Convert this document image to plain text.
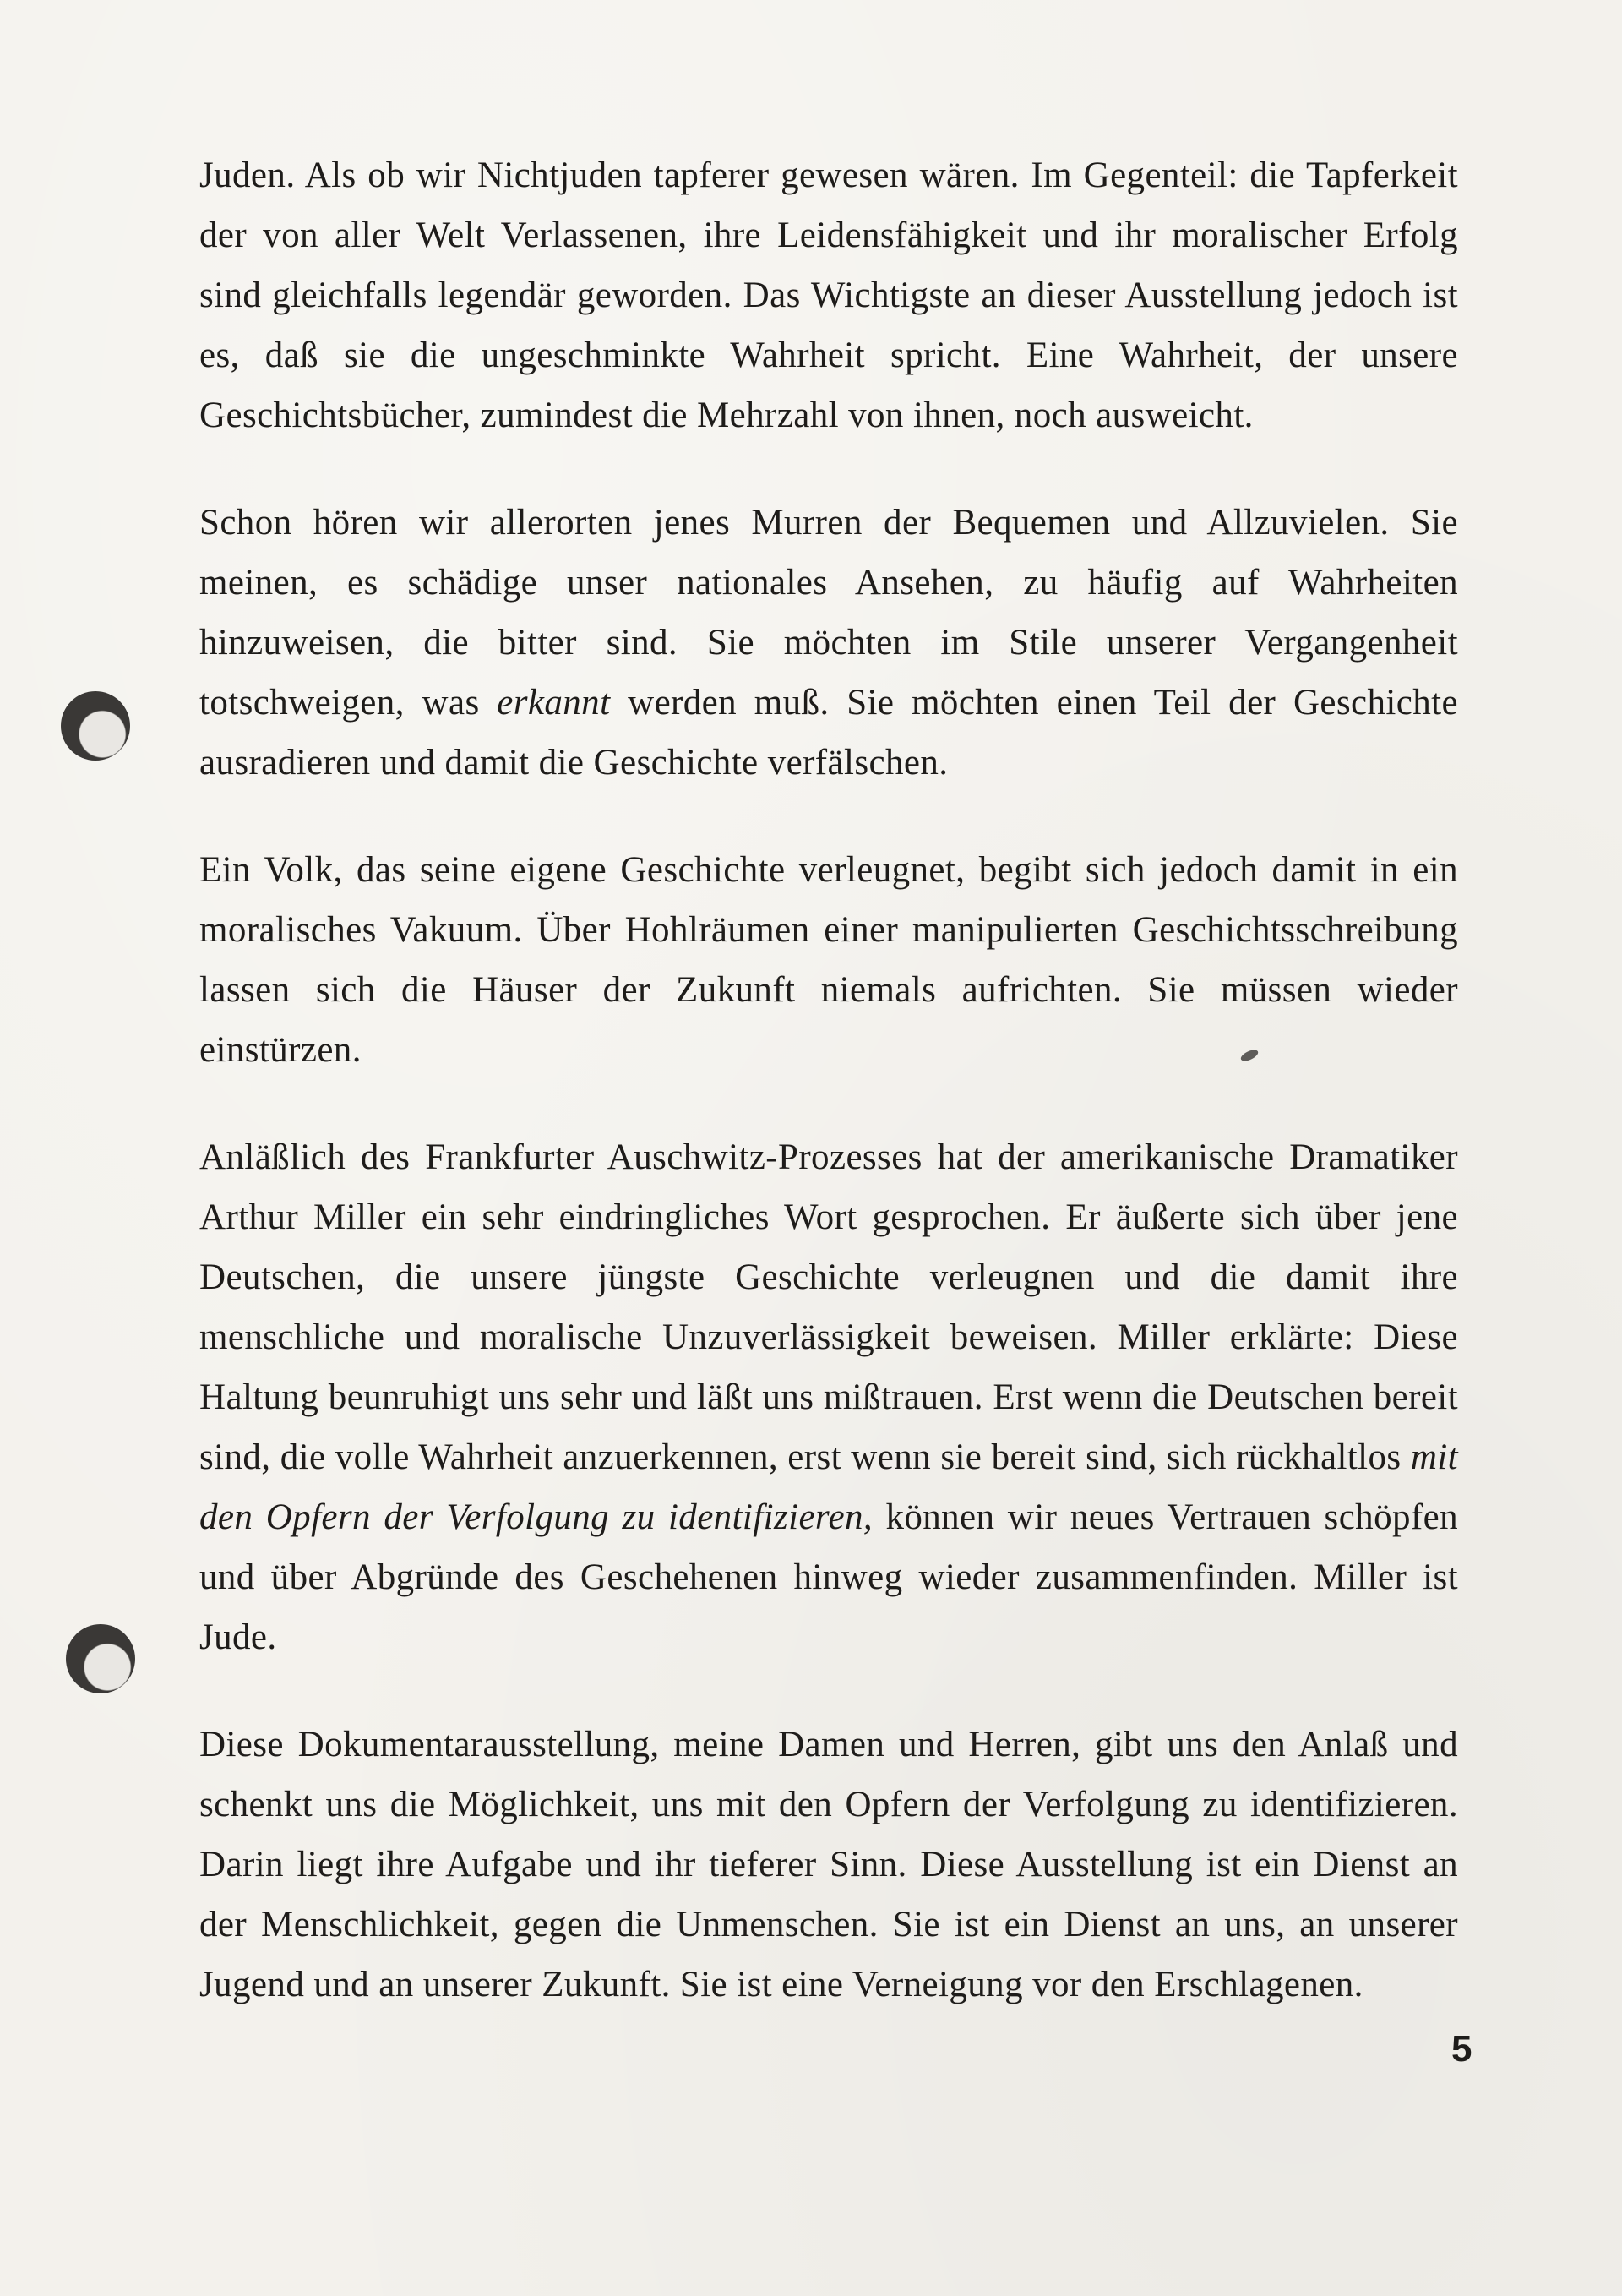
Juden. Als ob wir Nichtjuden tapferer gewesen wären. Im Gegenteil: die Tapferkeit der von aller Welt Verlassenen, ihre Leidensfähigkeit und ihr moralischer Erfolg sind gleichfalls legendär geworden. Das Wichtigste an dieser Ausstellung jedoch ist es, daß sie die ungeschminkte Wahrheit spricht. Eine Wahrheit, der unsere Geschichtsbücher, zumindest die Mehrzahl von ihnen, noch ausweicht.

Schon hören wir allerorten jenes Murren der Bequemen und Allzuvielen. Sie meinen, es schädige unser nationales Ansehen, zu häufig auf Wahrheiten hinzuweisen, die bitter sind. Sie möchten im Stile unserer Vergangenheit totschweigen, was erkannt werden muß. Sie möchten einen Teil der Geschichte ausradieren und damit die Geschichte verfälschen.

Ein Volk, das seine eigene Geschichte verleugnet, begibt sich jedoch damit in ein moralisches Vakuum. Über Hohlräumen einer manipulierten Geschichtsschreibung lassen sich die Häuser der Zukunft niemals aufrichten. Sie müssen wieder einstürzen.

Anläßlich des Frankfurter Auschwitz-Prozesses hat der amerikanische Dramatiker Arthur Miller ein sehr eindringliches Wort gesprochen. Er äußerte sich über jene Deutschen, die unsere jüngste Geschichte verleugnen und die damit ihre menschliche und moralische Unzuverlässigkeit beweisen. Miller erklärte: Diese Haltung beunruhigt uns sehr und läßt uns mißtrauen. Erst wenn die Deutschen bereit sind, die volle Wahrheit anzuerkennen, erst wenn sie bereit sind, sich rückhaltlos mit den Opfern der Verfolgung zu identifizieren, können wir neues Vertrauen schöpfen und über Abgründe des Geschehenen hinweg wieder zusammenfinden. Miller ist Jude.

Diese Dokumentarausstellung, meine Damen und Herren, gibt uns den Anlaß und schenkt uns die Möglichkeit, uns mit den Opfern der Verfolgung zu identifizieren. Darin liegt ihre Aufgabe und ihr tieferer Sinn. Diese Ausstellung ist ein Dienst an der Menschlichkeit, gegen die Unmenschen. Sie ist ein Dienst an uns, an unserer Jugend und an unserer Zukunft. Sie ist eine Verneigung vor den Erschlagenen.

5
